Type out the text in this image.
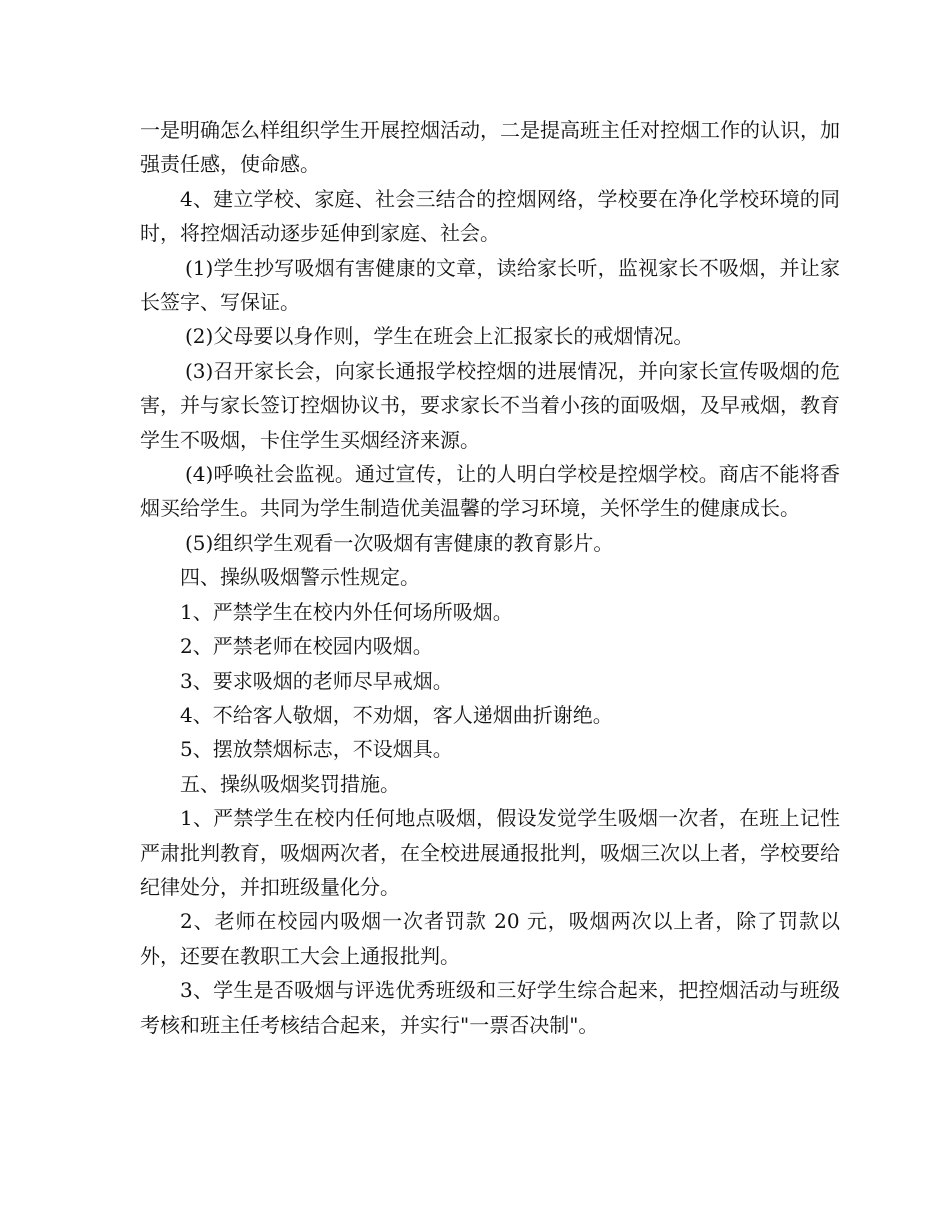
一是明确怎么样组织学生开展控烟活动，二是提高班主任对控烟工作的认识，加强责任感，使命感。

4、建立学校、家庭、社会三结合的控烟网络，学校要在净化学校环境的同时，将控烟活动逐步延伸到家庭、社会。

(1)学生抄写吸烟有害健康的文章，读给家长听，监视家长不吸烟，并让家长签字、写保证。

(2)父母要以身作则，学生在班会上汇报家长的戒烟情况。

(3)召开家长会，向家长通报学校控烟的进展情况，并向家长宣传吸烟的危害，并与家长签订控烟协议书，要求家长不当着小孩的面吸烟，及早戒烟，教育学生不吸烟，卡住学生买烟经济来源。

(4)呼唤社会监视。通过宣传，让的人明白学校是控烟学校。商店不能将香烟买给学生。共同为学生制造优美温馨的学习环境，关怀学生的健康成长。

(5)组织学生观看一次吸烟有害健康的教育影片。

四、操纵吸烟警示性规定。

1、严禁学生在校内外任何场所吸烟。

2、严禁老师在校园内吸烟。

3、要求吸烟的老师尽早戒烟。

4、不给客人敬烟，不劝烟，客人递烟曲折谢绝。

5、摆放禁烟标志，不设烟具。

五、操纵吸烟奖罚措施。

1、严禁学生在校内任何地点吸烟，假设发觉学生吸烟一次者，在班上记性严肃批判教育，吸烟两次者，在全校进展通报批判，吸烟三次以上者，学校要给纪律处分，并扣班级量化分。

2、老师在校园内吸烟一次者罚款 20 元，吸烟两次以上者，除了罚款以外，还要在教职工大会上通报批判。

3、学生是否吸烟与评选优秀班级和三好学生综合起来，把控烟活动与班级考核和班主任考核结合起来，并实行"一票否决制"。
